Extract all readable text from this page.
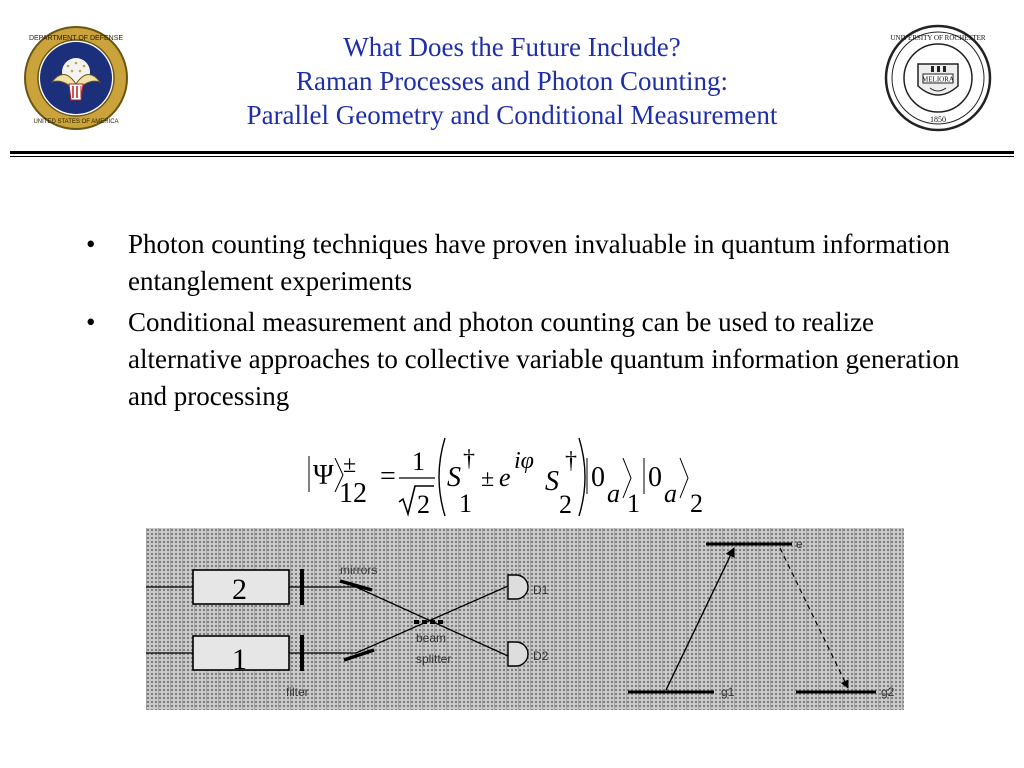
DEPARTMENT OF DEFENSE
UNITED STATES OF AMERICA
MELIORA
UNIVERSITY OF ROCHESTER
1850
What Does the Future Include?
Raman Processes and Photon Counting:
Parallel Geometry and Conditional Measurement
•	Photon counting techniques have proven invaluable in quantum information entanglement experiments
•	Conditional measurement and photon counting can be used to realize alternative approaches to collective variable quantum information generation and processing
Ψ ±
12
= 1
2
S
†
1
± e
iφ
S
†
2
0
a 1
0
a 2
2
1
filter
mirrors
beam
splitter
D1
D2
e
g1	g2
